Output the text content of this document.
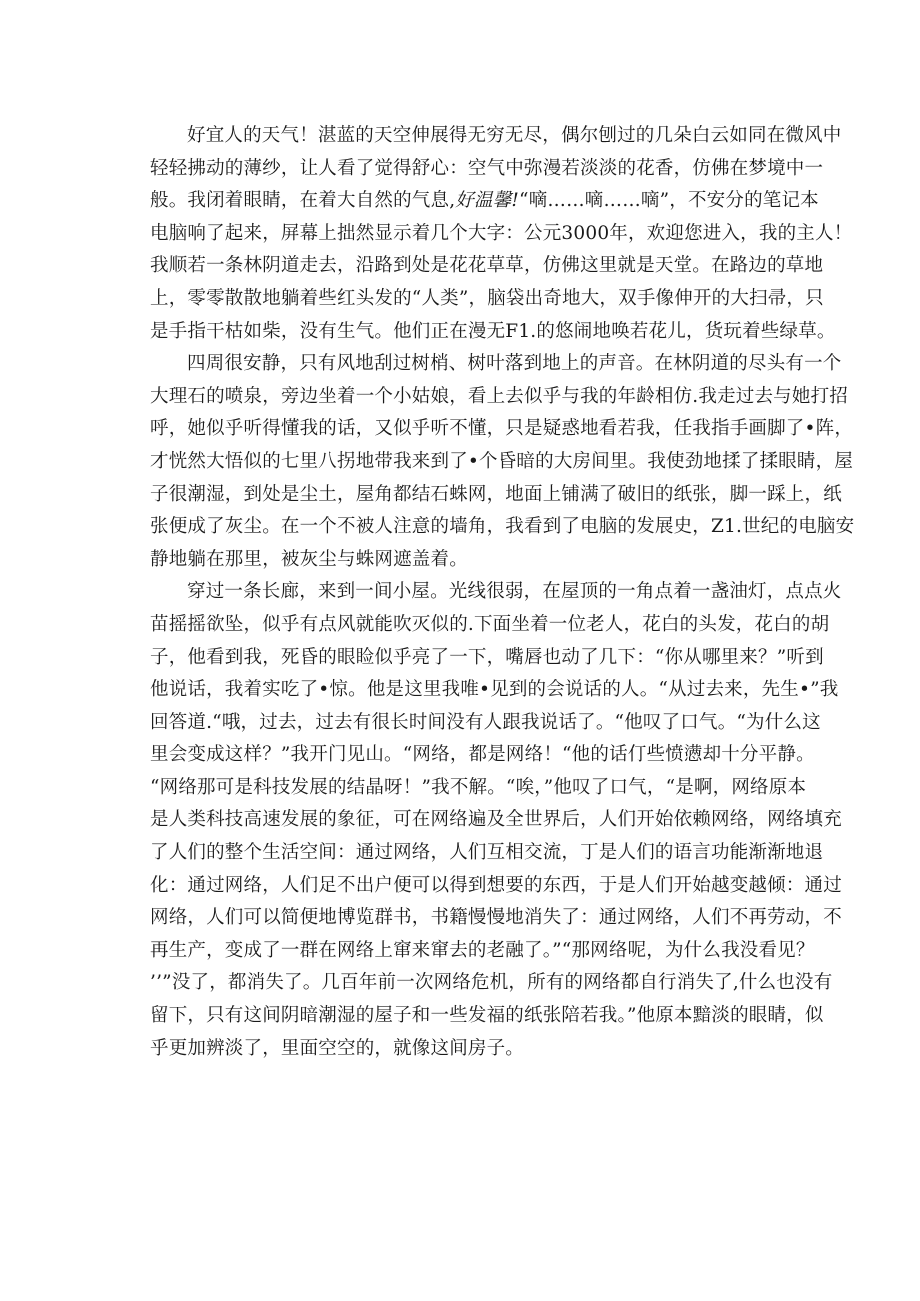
好宜人的天气！湛蓝的天空伸展得无穷无尽，偶尔刨过的几朵白云如同在微风中
轻轻拂动的薄纱，让人看了觉得舒心：空气中弥漫若淡淡的花香，仿佛在梦境中一
般。我闭着眼睛，在着大自然的气息,好温馨!“嘀……嘀……嘀”，不安分的笔记本
电脑响了起来，屏幕上拙然显示着几个大字：公元3000年，欢迎您进入，我的主人！
我顺若一条林阴道走去，沿路到处是花花草草，仿佛这里就是天堂。在路边的草地
上，零零散散地躺着些红头发的“人类”，脑袋出奇地大，双手像伸开的大扫帚，只
是手指干枯如柴，没有生气。他们正在漫无F1.的悠闹地唤若花儿，货玩着些绿草。
四周很安静，只有风地刮过树梢、树叶落到地上的声音。在林阴道的尽头有一个
大理石的喷泉，旁边坐着一个小姑娘，看上去似乎与我的年龄相仿.我走过去与她打招
呼，她似乎听得懂我的话，又似乎听不懂，只是疑惑地看若我，任我指手画脚了•阵，
才恍然大悟似的七里八拐地带我来到了•个昏暗的大房间里。我使劲地揉了揉眼睛，屋
子很潮湿，到处是尘土，屋角都结石蛛网，地面上铺满了破旧的纸张，脚一踩上，纸
张便成了灰尘。在一个不被人注意的墙角，我看到了电脑的发展史，Z1.世纪的电脑安
静地躺在那里，被灰尘与蛛网遮盖着。
穿过一条长廊，来到一间小屋。光线很弱，在屋顶的一角点着一盏油灯，点点火
苗摇摇欲坠，似乎有点风就能吹灭似的.下面坐着一位老人，花白的头发，花白的胡
子，他看到我，死昏的眼睑似乎亮了一下，嘴唇也动了几下：“你从哪里来？”听到
他说话，我着实吃了•惊。他是这里我唯•见到的会说话的人。“从过去来，先生•”我
回答道.“哦，过去，过去有很长时间没有人跟我说话了。“他叹了口气。“为什么这
里会变成这样？”我开门见山。“网络，都是网络！“他的话仃些愤懑却十分平静。
“网络那可是科技发展的结晶呀！”我不解。“唉，”他叹了口气，“是啊，网络原本
是人类科技高速发展的象征，可在网络遍及全世界后，人们开始依赖网络，网络填充
了人们的整个生活空间：通过网络，人们互相交流，丁是人们的语言功能渐渐地退
化：通过网络，人们足不出户便可以得到想要的东西，于是人们开始越变越倾：通过
网络，人们可以简便地博览群书，书籍慢慢地消失了：通过网络，人们不再劳动，不
再生产，变成了一群在网络上窜来窜去的老融了。”“那网络呢，为什么我没看见？
’’”没了，都消失了。几百年前一次网络危机，所有的网络都自行消失了,什么也没有
留下，只有这间阴暗潮湿的屋子和一些发福的纸张陪若我。”他原本黯淡的眼睛，似
乎更加辨淡了，里面空空的，就像这间房子。
